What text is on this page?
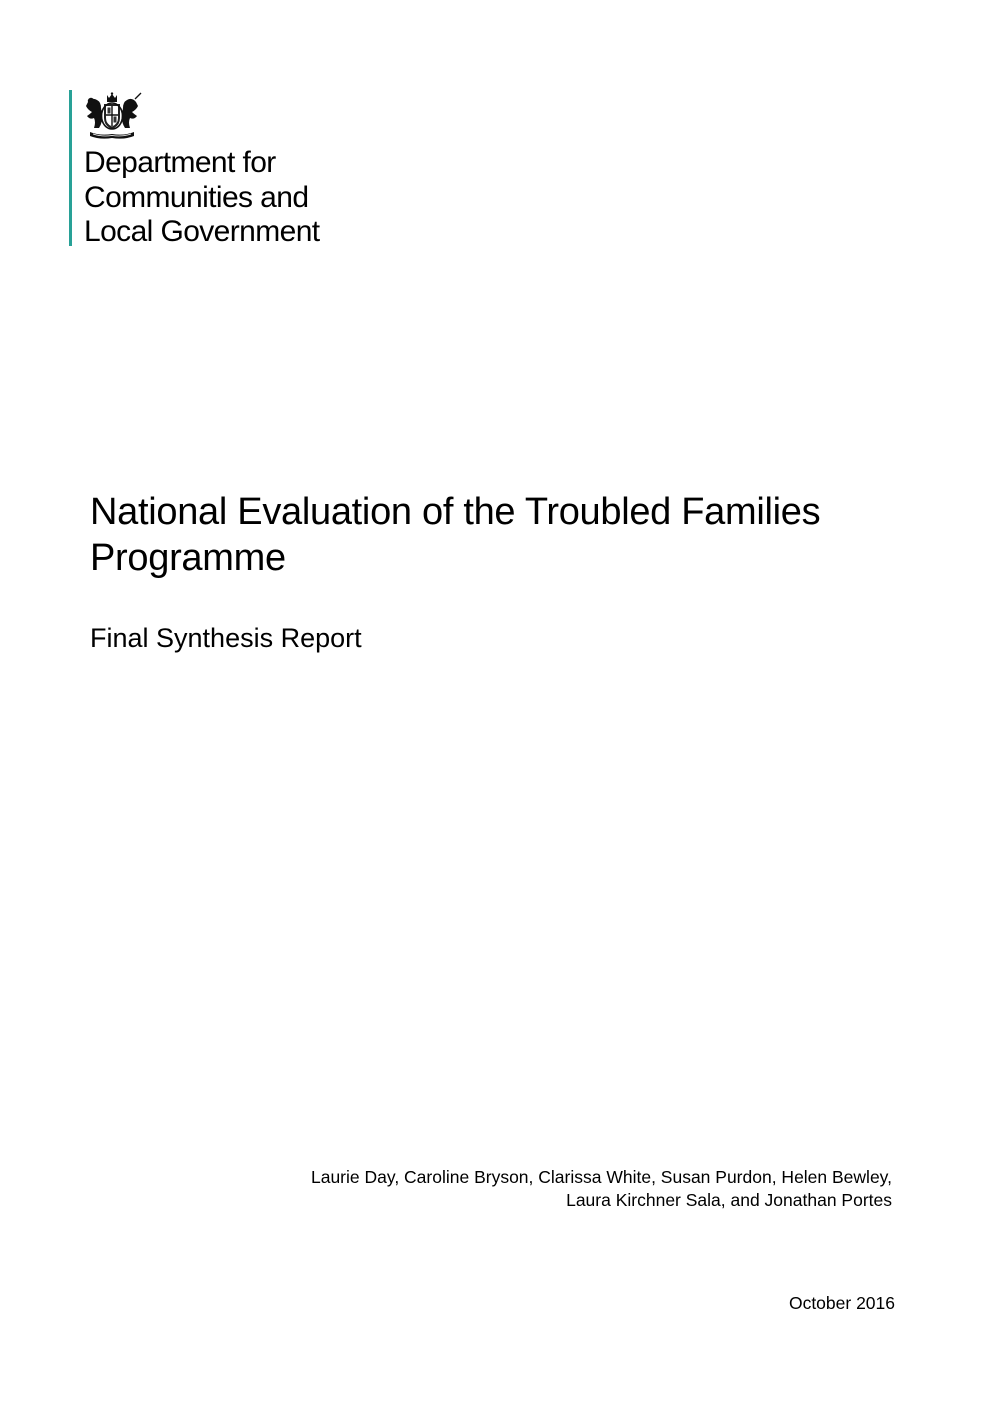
Department for
Communities and
Local Government
National Evaluation of the Troubled Families
Programme
Final Synthesis Report
Laurie Day, Caroline Bryson, Clarissa White, Susan Purdon, Helen Bewley,
Laura Kirchner Sala, and Jonathan Portes
October 2016
